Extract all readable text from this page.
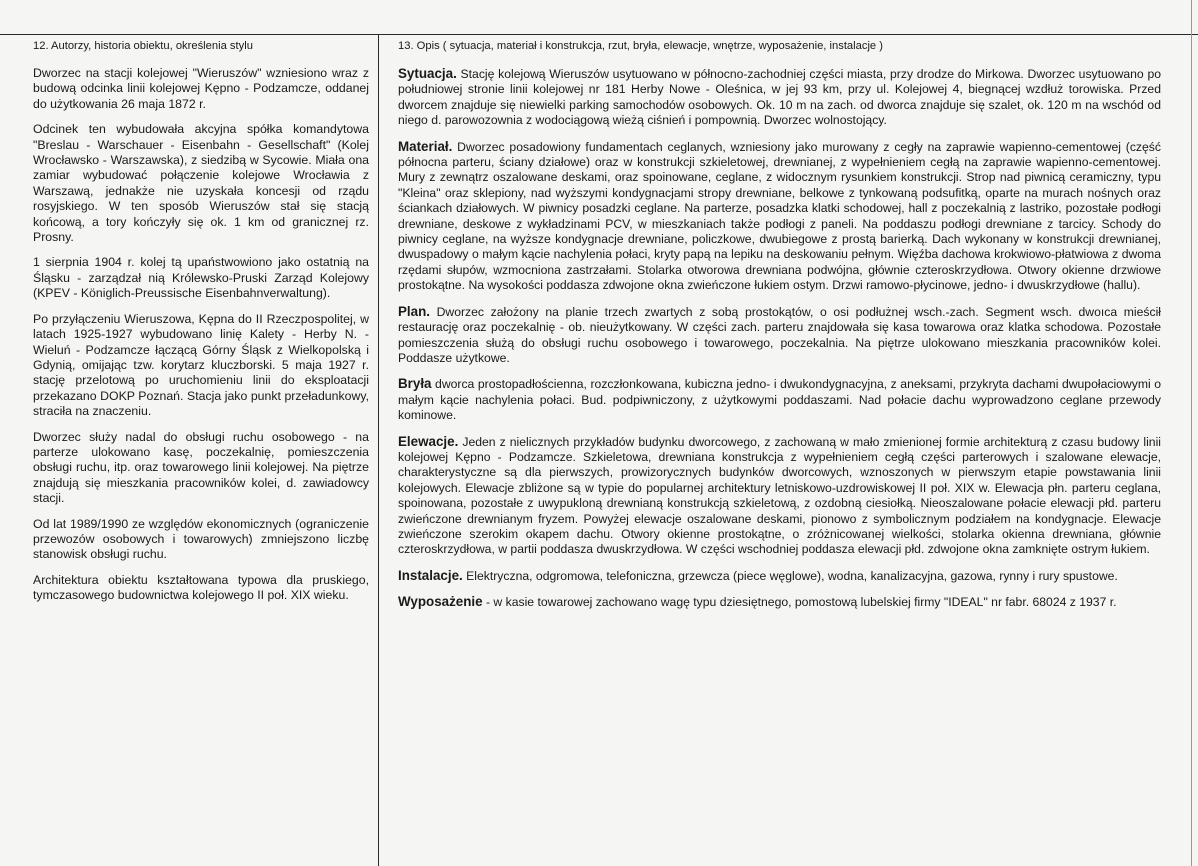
12. Autorzy, historia obiektu, określenia stylu

Dworzec na stacji kolejowej "Wieruszów" wzniesiono wraz z budową odcinka linii kolejowej Kępno - Podzamcze, oddanej do użytkowania 26 maja 1872 r.

Odcinek ten wybudowała akcyjna spółka komandytowa "Breslau - Warschauer - Eisenbahn - Gesellschaft" (Kolej Wrocławsko - Warszawska), z siedzibą w Sycowie. Miała ona zamiar wybudować połączenie kolejowe Wrocławia z Warszawą, jednakże nie uzyskała koncesji od rządu rosyjskiego. W ten sposób Wieruszów stał się stacją końcową, a tory kończyły się ok. 1 km od granicznej rz. Prosny.

1 sierpnia 1904 r. kolej tą upaństwowiono jako ostatnią na Śląsku - zarządzał nią Królewsko-Pruski Zarząd Kolejowy (KPEV - Königlich-Preussische Eisenbahnverwaltung).

Po przyłączeniu Wieruszowa, Kępna do II Rzeczpospolitej, w latach 1925-1927 wybudowano linię Kalety - Herby N. - Wieluń - Podzamcze łączącą Górny Śląsk z Wielkopolską i Gdynią, omijając tzw. korytarz kluczborski. 5 maja 1927 r. stację przelotową po uruchomieniu linii do eksploatacji przekazano DOKP Poznań. Stacja jako punkt przeładunkowy, straciła na znaczeniu.

Dworzec służy nadal do obsługi ruchu osobowego - na parterze ulokowano kasę, poczekalnię, pomieszczenia obsługi ruchu, itp. oraz towarowego linii kolejowej. Na piętrze znajdują się mieszkania pracowników kolei, d. zawiadowcy stacji.

Od lat 1989/1990 ze względów ekonomicznych (ograniczenie przewozów osobowych i towarowych) zmniejszono liczbę stanowisk obsługi ruchu.

Architektura obiektu kształtowana typowa dla pruskiego, tymczasowego budownictwa kolejowego II poł. XIX wieku.

13. Opis ( sytuacja, materiał i konstrukcja, rzut, bryła, elewacje, wnętrze, wyposażenie, instalacje )

Sytuacja. Stację kolejową Wieruszów usytuowano w północno-zachodniej części miasta, przy drodze do Mirkowa. Dworzec usytuowano po południowej stronie linii kolejowej nr 181 Herby Nowe - Oleśnica, w jej 93 km, przy ul. Kolejowej 4, biegnącej wzdłuż torowiska. Przed dworcem znajduje się niewielki parking samochodów osobowych. Ok. 10 m na zach. od dworca znajduje się szalet, ok. 120 m na wschód od niego d. parowozownia z wodociągową wieżą ciśnień i pompownią. Dworzec wolnostojący.

Materiał. Dworzec posadowiony fundamentach ceglanych, wzniesiony jako murowany z cegły na zaprawie wapienno-cementowej (część północna parteru, ściany działowe) oraz w konstrukcji szkieletowej, drewnianej, z wypełnieniem cegłą na zaprawie wapienno-cementowej. Mury z zewnątrz oszalowane deskami, oraz spoinowane, ceglane, z widocznym rysunkiem konstrukcji. Strop nad piwnicą ceramiczny, typu "Kleina" oraz sklepiony, nad wyższymi kondygnacjami stropy drewniane, belkowe z tynkowaną podsufitką, oparte na murach nośnych oraz ściankach działowych. W piwnicy posadzki ceglane. Na parterze, posadzka klatki schodowej, hall z poczekalnią z lastriko, pozostałe podłogi drewniane, deskowe z wykładzinami PCV, w mieszkaniach także podłogi z paneli. Na poddaszu podłogi drewniane z tarcicy. Schody do piwnicy ceglane, na wyższe kondygnacje drewniane, policzkowe, dwubiegowe z prostą barierką. Dach wykonany w konstrukcji drewnianej, dwuspadowy o małym kącie nachylenia połaci, kryty papą na lepiku na deskowaniu pełnym. Więźba dachowa krokwiowo-płatwiowa z dwoma rzędami słupów, wzmocniona zastrzałami. Stolarka otworowa drewniana podwójna, głównie czteroskrzydłowa. Otwory okienne drzwiowe prostokątne. Na wysokości poddasza zdwojone okna zwieńczone łukiem ostym. Drzwi ramowo-płycinowe, jedno- i dwuskrzydłowe (hallu).

Plan. Dworzec założony na planie trzech zwartych z sobą prostokątów, o osi podłużnej wsch.-zach. Segment wsch. dwoıca mieścił restaurację oraz poczekalnię - ob. nieużytkowany. W części zach. parteru znajdowała się kasa towarowa oraz klatka schodowa. Pozostałe pomieszczenia służą do obsługi ruchu osobowego i towarowego, poczekalnia. Na piętrze ulokowano mieszkania pracowników kolei. Poddasze użytkowe.

Bryła dworca prostopadłościenna, rozczłonkowana, kubiczna jedno- i dwukondygnacyjna, z aneksami, przykryta dachami dwupołaciowymi o małym kącie nachylenia połaci. Bud. podpiwniczony, z użytkowymi poddaszami. Nad połacie dachu wyprowadzono ceglane przewody kominowe.

Elewacje. Jeden z nielicznych przykładów budynku dworcowego, z zachowaną w mało zmienionej formie architekturą z czasu budowy linii kolejowej Kępno - Podzamcze. Szkieletowa, drewniana konstrukcja z wypełnieniem cegłą części parterowych i szalowane elewacje, charakterystyczne są dla pierwszych, prowizorycznych budynków dworcowych, wznoszonych w pierwszym etapie powstawania linii kolejowych. Elewacje zbliżone są w typie do popularnej architektury letniskowo-uzdrowiskowej II poł. XIX w. Elewacja płn. parteru ceglana, spoinowana, pozostałe z uwypukloną drewnianą konstrukcją szkieletową, z ozdobną ciesiołką. Nieoszalowane połacie elewacji płd. parteru zwieńczone drewnianym fryzem. Powyżej elewacje oszalowane deskami, pionowo z symbolicznym podziałem na kondygnacje. Elewacje zwieńczone szerokim okapem dachu. Otwory okienne prostokątne, o zróżnicowanej wielkości, stolarka okienna drewniana, głównie czteroskrzydłowa, w partii poddasza dwuskrzydłowa. W części wschodniej poddasza elewacji płd. zdwojone okna zamknięte ostrym łukiem.

Instalacje. Elektryczna, odgromowa, telefoniczna, grzewcza (piece węglowe), wodna, kanalizacyjna, gazowa, rynny i rury spustowe.

Wyposażenie - w kasie towarowej zachowano wagę typu dziesiętnego, pomostową lubelskiej firmy "IDEAL" nr fabr. 68024 z 1937 r.
